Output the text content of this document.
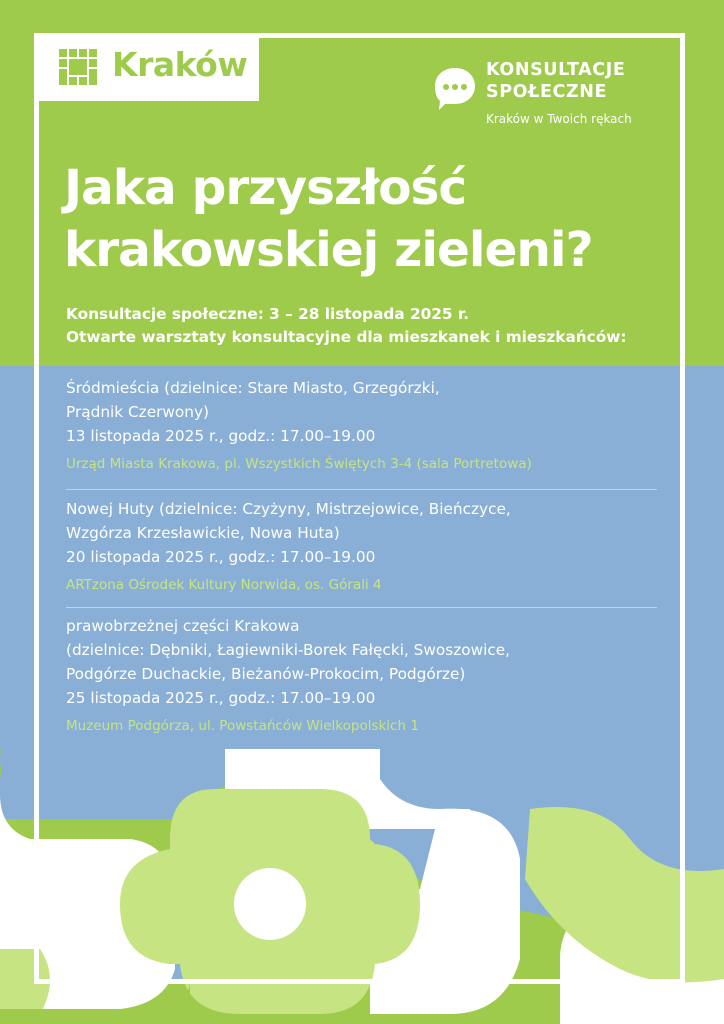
Kraków	KONSULTACJE
SPOŁECZNE
Kraków w Twoich rękach
Jaka przyszłość
krakowskiej zieleni?
Konsultacje społeczne: 3 – 28 listopada 2025 r.
Otwarte warsztaty konsultacyjne dla mieszkanek i mieszkańców:
Śródmieścia (dzielnice: Stare Miasto, Grzegórzki,
Prądnik Czerwony)
13 listopada 2025 r., godz.: 17.00–19.00
Urząd Miasta Krakowa, pl. Wszystkich Świętych 3-4 (sala Portretowa)
Nowej Huty (dzielnice: Czyżyny, Mistrzejowice, Bieńczyce,
Wzgórza Krzesławickie, Nowa Huta)
20 listopada 2025 r., godz.: 17.00–19.00
ARTzona Ośrodek Kultury Norwida, os. Górali 4
prawobrzeżnej części Krakowa
(dzielnice: Dębniki, Łagiewniki-Borek Fałęcki, Swoszowice,
Podgórze Duchackie, Bieżanów-Prokocim, Podgórze)
25 listopada 2025 r., godz.: 17.00–19.00
Muzeum Podgórza, ul. Powstańców Wielkopolskich 1
